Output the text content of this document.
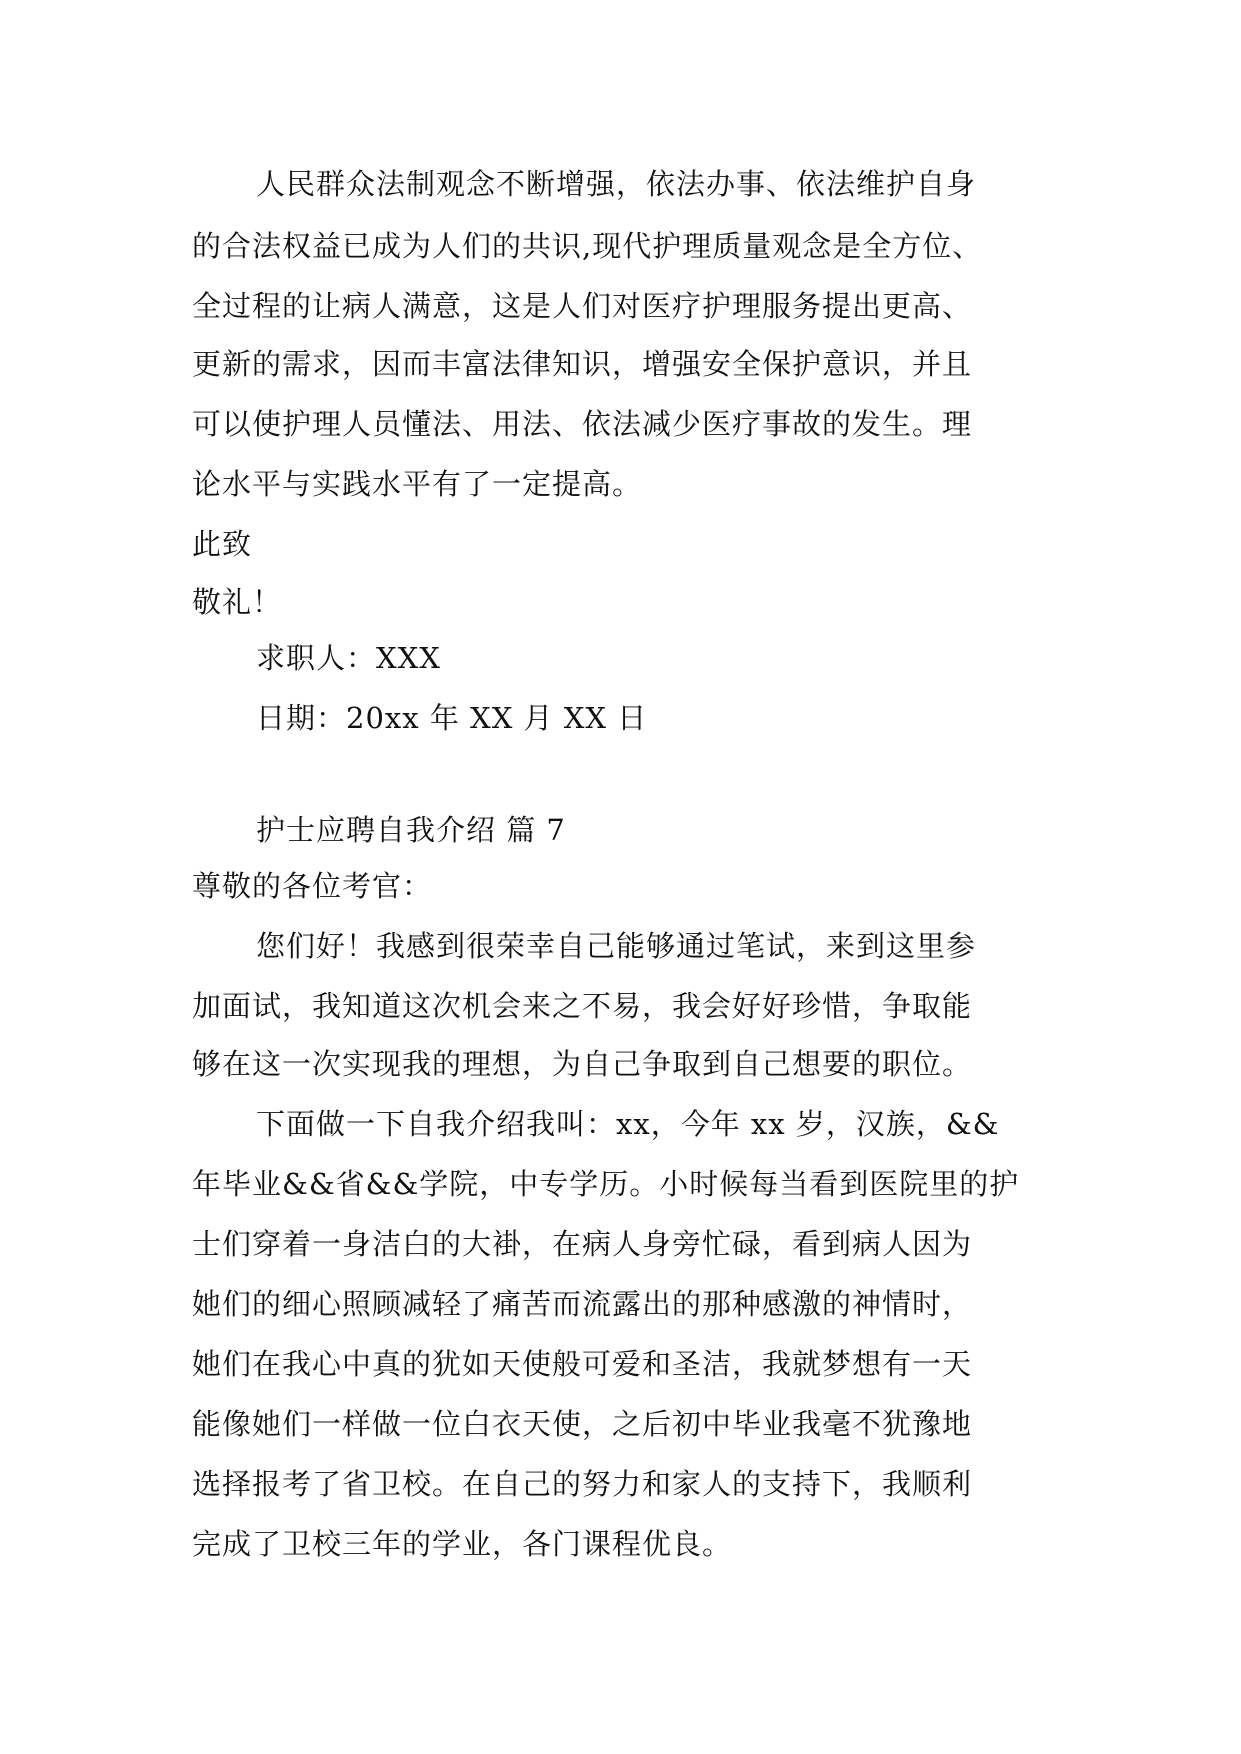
人民群众法制观念不断增强，依法办事、依法维护自身
的合法权益已成为人们的共识,现代护理质量观念是全方位、
全过程的让病人满意，这是人们对医疗护理服务提出更高、
更新的需求，因而丰富法律知识，增强安全保护意识，并且
可以使护理人员懂法、用法、依法减少医疗事故的发生。理
论水平与实践水平有了一定提高。
此致
敬礼！
求职人：XXX
日期：20xx 年 XX 月 XX 日
护士应聘自我介绍 篇 7
尊敬的各位考官：
您们好！我感到很荣幸自己能够通过笔试，来到这里参
加面试，我知道这次机会来之不易，我会好好珍惜，争取能
够在这一次实现我的理想，为自己争取到自己想要的职位。
下面做一下自我介绍我叫：xx，今年 xx 岁，汉族，&&
年毕业&&省&&学院，中专学历。小时候每当看到医院里的护
士们穿着一身洁白的大褂，在病人身旁忙碌，看到病人因为
她们的细心照顾减轻了痛苦而流露出的那种感激的神情时，
她们在我心中真的犹如天使般可爱和圣洁，我就梦想有一天
能像她们一样做一位白衣天使，之后初中毕业我毫不犹豫地
选择报考了省卫校。在自己的努力和家人的支持下，我顺利
完成了卫校三年的学业，各门课程优良。
